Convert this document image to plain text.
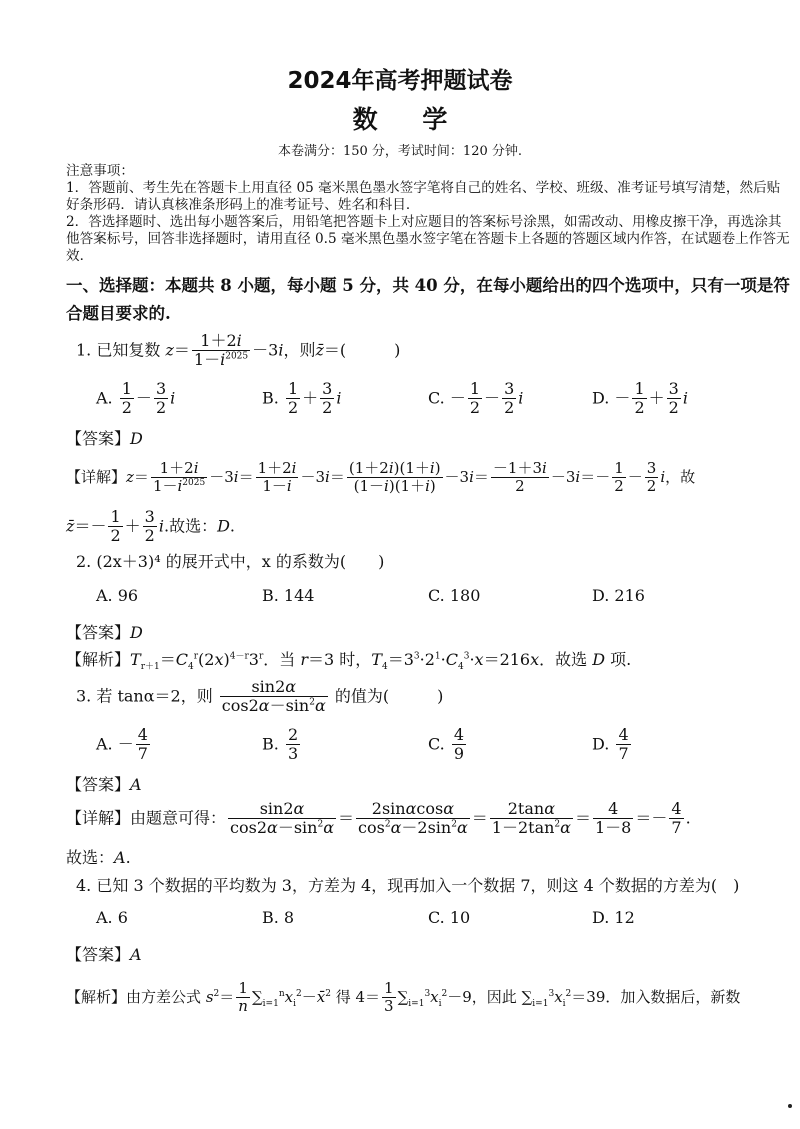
2024年高考押题试卷
数 学
本卷满分：150 分，考试时间：120 分钟.
注意事项：
1．答题前、考生先在答题卡上用直径 05 毫米黑色墨水签字笔将自己的姓名、学校、班级、准考证号填写清楚，然后贴好条形码．请认真核准条形码上的准考证号、姓名和科目．
2．答选择题时、选出每小题答案后，用铅笔把答题卡上对应题目的答案标号涂黑，如需改动、用橡皮擦干净，再选涂其他答案标号，回答非选择题时，请用直径 0.5 毫米黑色墨水签字笔在答题卡上各题的答题区域内作答，在试题卷上作答无效．
一、选择题：本题共 8 小题，每小题 5 分，共 40 分，在每小题给出的四个选项中，只有一项是符合题目要求的.
1. 已知复数 $z= \frac{1+2i}{1-i^{2025}} -3i$，则z̄＝(　　　)
A. $\frac{1}{2} - \frac{3}{2}$ i	B. $\frac{1}{2} + \frac{3}{2}$ i	C. － $\frac{1}{2} - \frac{3}{2}$ i	D. － $\frac{1}{2} + \frac{3}{2}$ i
【答案】D
【详解】$z= \frac{1+2i}{1-i^{2025}} -3i= \frac{1+2i}{1-i} -3i= \frac{(1+2i)(1+i)}{(1-i)(1+i)} -3i= \frac{-1+3i}{2} -3i=- \frac{1}{2} - \frac{3}{2}$ i，故
z̄＝－ $\frac{1}{2} + \frac{3}{2} i$.故选：D.
2. (2x＋3)⁴ 的展开式中，x 的系数为(　　)
A. 96	B. 144	C. 180	D. 216
【答案】D
【解析】$T_{r+1}=C_4^r(2x)^{4-r}3^r$．当 r＝3 时，$T_4=3^3\cdot 2^1\cdot C_4^3\cdot x=216x$．故选 D 项.
3. 若 tanα＝2，则 $\frac{\sin 2\alpha}{\cos 2\alpha-\sin^2\alpha}$ 的值为(　　　)
A. － $\frac{4}{7}$	B. $\frac{2}{3}$	C. $\frac{4}{9}$	D. $\frac{4}{7}$
【答案】A
【详解】由题意可得： $\frac{\sin 2\alpha}{\cos 2\alpha-\sin^2\alpha} = \frac{2\sin\alpha\cos\alpha}{\cos^2\alpha-2\sin^2\alpha} = \frac{2\tan\alpha}{1-2\tan^2\alpha} = \frac{4}{1-8} =- \frac{4}{7}$ .
故选：A.
4. 已知 3 个数据的平均数为 3，方差为 4，现再加入一个数据 7，则这 4 个数据的方差为(　)
A. 6	B. 8	C. 10	D. 12
【答案】A
【解析】由方差公式 $s^2= \frac{1}{n}$ $\sum_{i=1}^nx_i^2-x̄^2$ 得 $4= \frac{1}{3} \sum_{i=1}^3x_i^2-9$，因此 $\sum_{i=1}^3x_i^2=39$．加入数据后，新数
